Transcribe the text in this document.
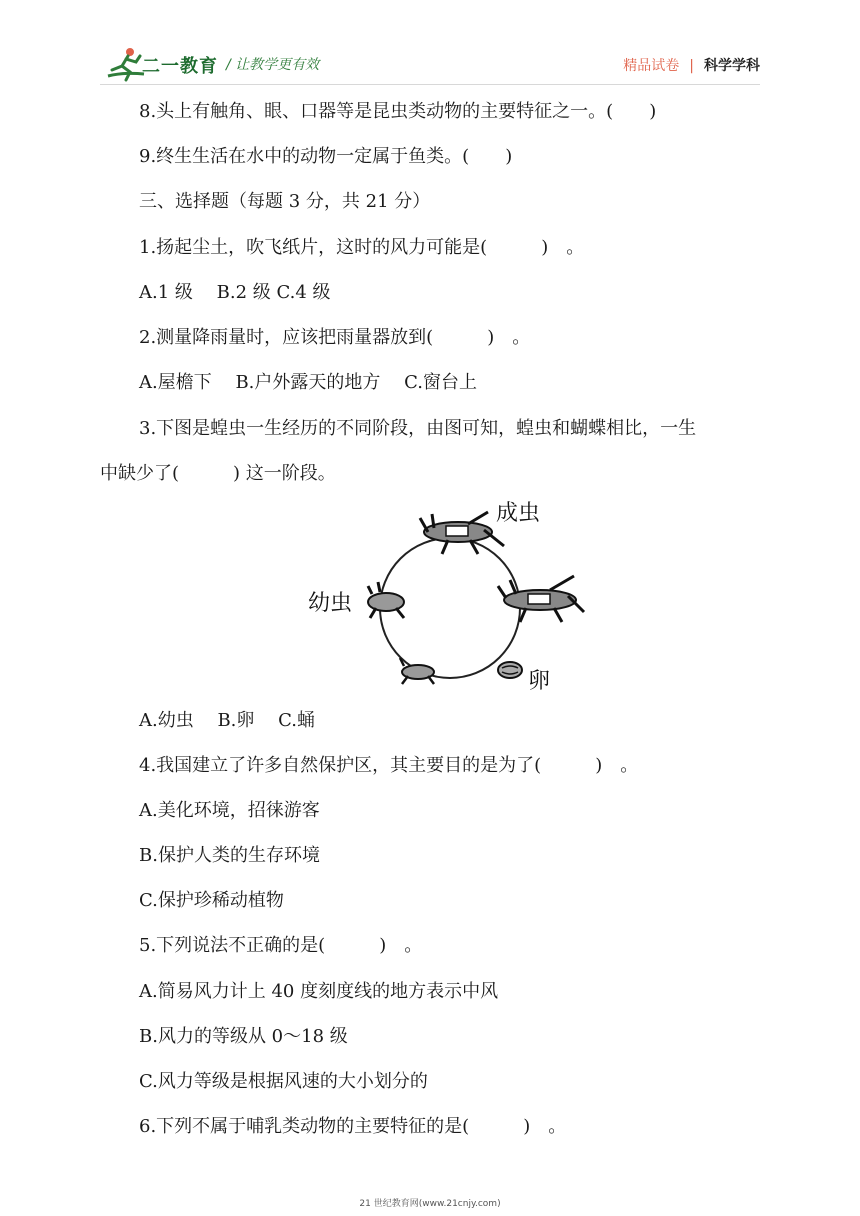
二一教育 / 让教学更有效	精品试卷 | 科学学科
8.头上有触角、眼、口器等是昆虫类动物的主要特征之一。(　　)
9.终生生活在水中的动物一定属于鱼类。(　　)
三、选择题（每题 3 分，共 21 分）
1.扬起尘土，吹飞纸片，这时的风力可能是(　　　)　。
A.1 级　 B.2 级 C.4 级
2.测量降雨量时，应该把雨量器放到(　　　)　。
A.屋檐下　 B.户外露天的地方　 C.窗台上
3.下图是蝗虫一生经历的不同阶段，由图可知，蝗虫和蝴蝶相比，一生
中缺少了(　　　) 这一阶段。
成虫
幼虫
卵
A.幼虫　 B.卵　 C.蛹
4.我国建立了许多自然保护区，其主要目的是为了(　　　)　。
A.美化环境，招徕游客
B.保护人类的生存环境
C.保护珍稀动植物
5.下列说法不正确的是(　　　)　。
A.简易风力计上 40 度刻度线的地方表示中风
B.风力的等级从 0～18 级
C.风力等级是根据风速的大小划分的
6.下列不属于哺乳类动物的主要特征的是(　　　)　。
21 世纪教育网(www.21cnjy.com)
